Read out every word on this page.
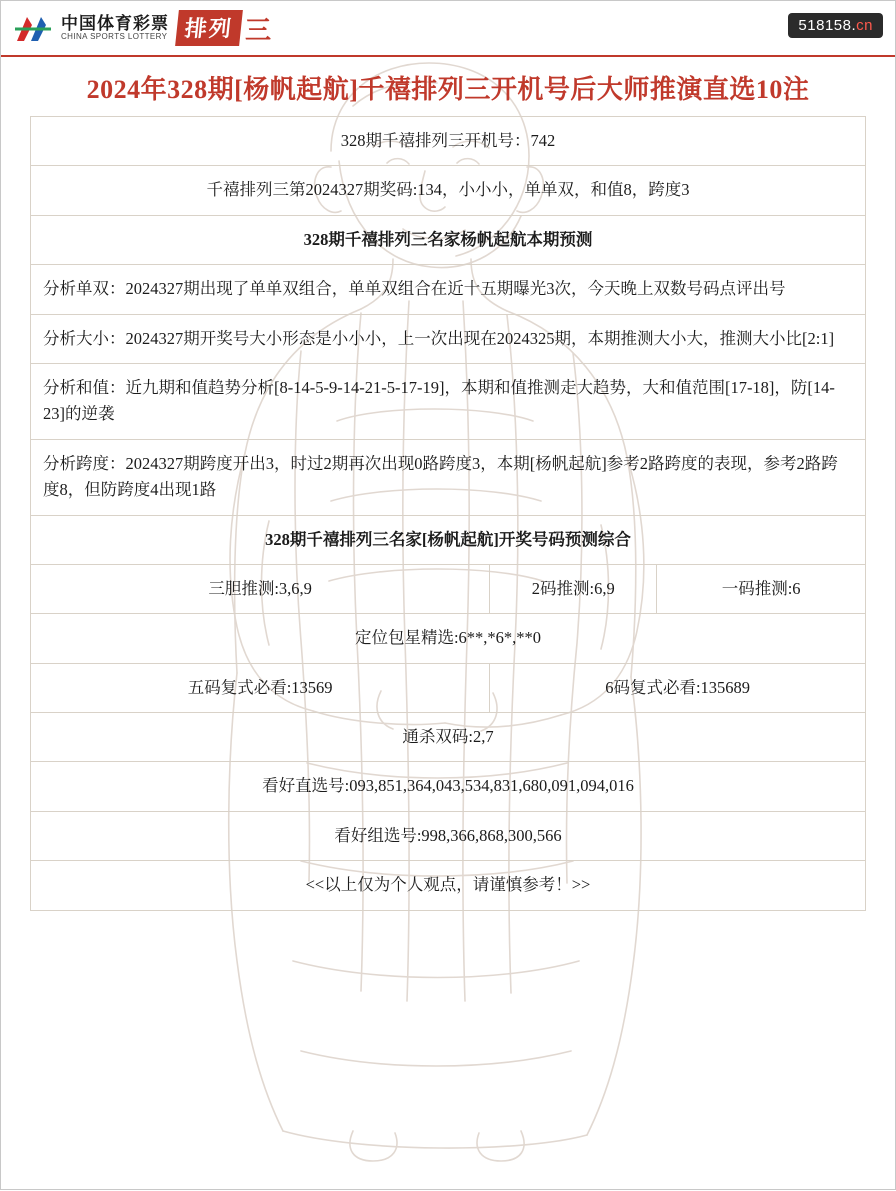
中国体育彩票
CHINA SPORTS LOTTERY 排列 三	518158.cn
2024年328期[杨帆起航]千禧排列三开机号后大师推演直选10注
328期千禧排列三开机号：742		
千禧排列三第2024327期奖码:134，小小小，单单双，和值8，跨度3		
328期千禧排列三名家杨帆起航本期预测		
分析单双：2024327期出现了单单双组合，单单双组合在近十五期曝光3次，今天晚上双数号码点评出号		
分析大小：2024327期开奖号大小形态是小小小，上一次出现在2024325期，本期推测大小大，推测大小比[2:1]		
分析和值：近九期和值趋势分析[8-14-5-9-14-21-5-17-19]，本期和值推测走大趋势，大和值范围[17-18]，防[14-23]的逆袭		
分析跨度：2024327期跨度开出3，时过2期再次出现0路跨度3，本期[杨帆起航]参考2路跨度的表现，参考2路跨度8，但防跨度4出现1路		
328期千禧排列三名家[杨帆起航]开奖号码预测综合		
三胆推测:3,6,9	2码推测:6,9	一码推测:6
定位包星精选:6**,*6*,**0		
五码复式必看:13569	6码复式必看:135689	
通杀双码:2,7		
看好直选号:093,851,364,043,534,831,680,091,094,016		
看好组选号:998,366,868,300,566		
<<以上仅为个人观点，请谨慎参考！>>		
